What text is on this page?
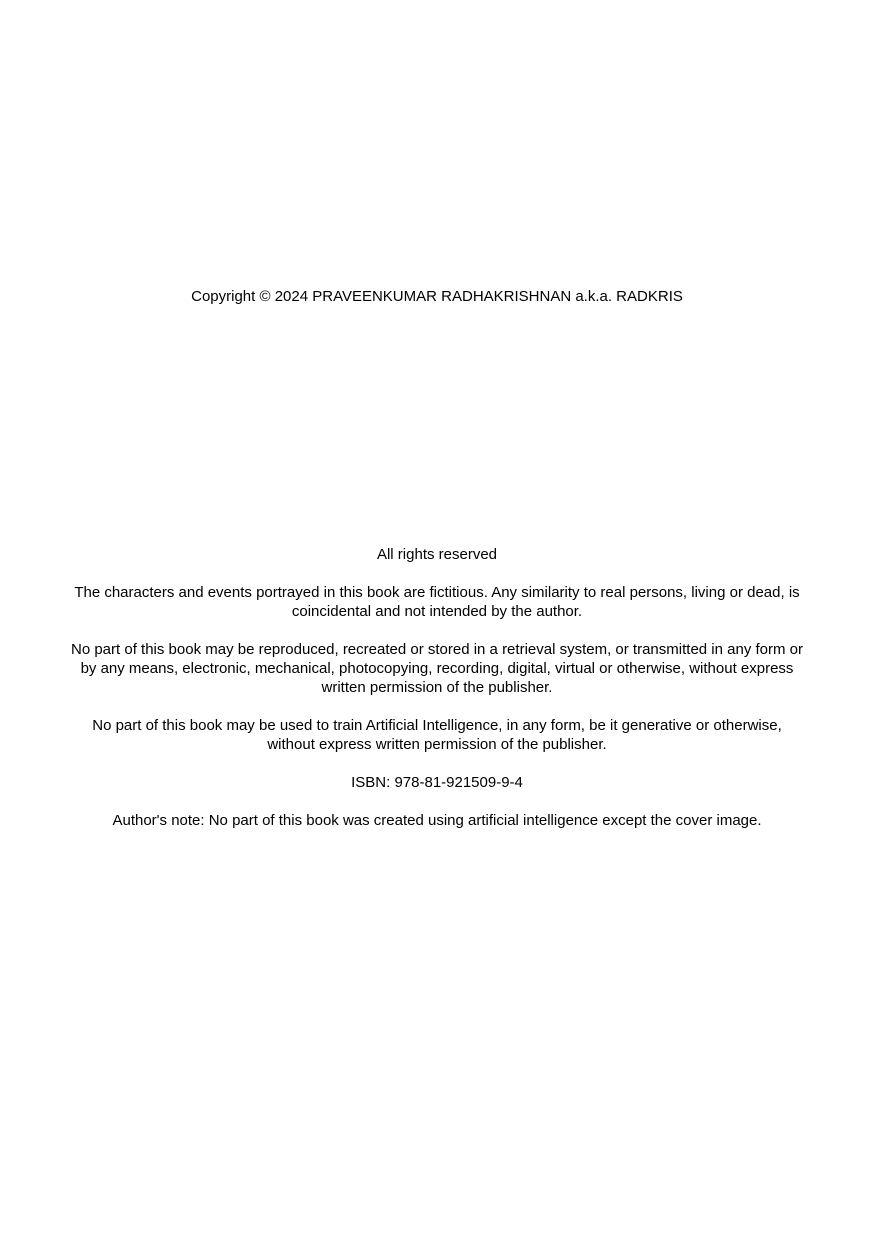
Copyright © 2024 PRAVEENKUMAR RADHAKRISHNAN a.k.a. RADKRIS

All rights reserved

The characters and events portrayed in this book are fictitious. Any similarity to real persons, living or dead, is coincidental and not intended by the author.

No part of this book may be reproduced, recreated or stored in a retrieval system, or transmitted in any form or by any means, electronic, mechanical, photocopying, recording, digital, virtual or otherwise, without express written permission of the publisher.

No part of this book may be used to train Artificial Intelligence, in any form, be it generative or otherwise, without express written permission of the publisher.

ISBN: 978-81-921509-9-4

Author's note: No part of this book was created using artificial intelligence except the cover image.
